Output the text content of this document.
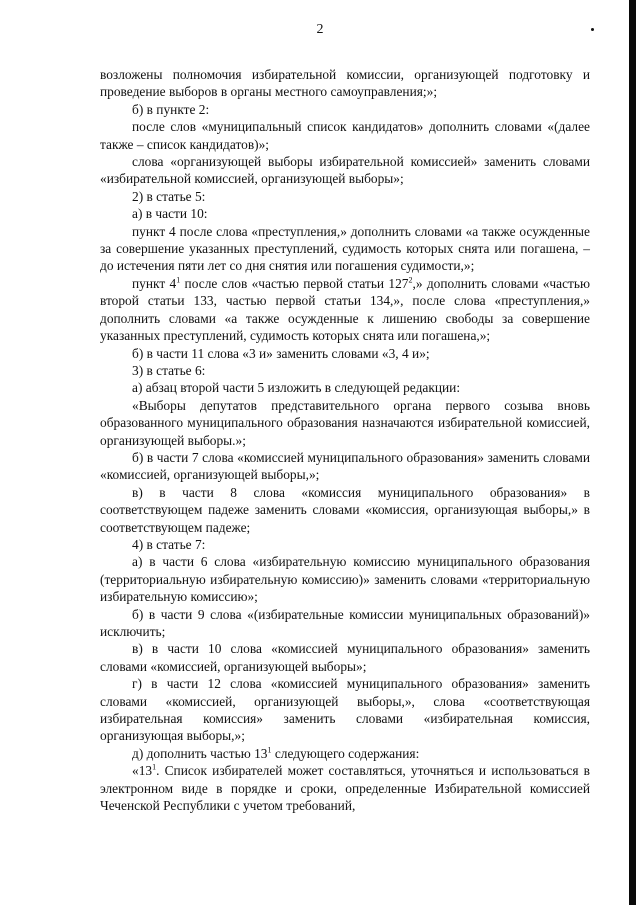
2

возложены полномочия избирательной комиссии, организующей подготовку и проведение выборов в органы местного самоуправления;»;

б) в пункте 2:

после слов «муниципальный список кандидатов» дополнить словами «(далее также – список кандидатов)»;

слова «организующей выборы избирательной комиссией» заменить словами «избирательной комиссией, организующей выборы»;

2) в статье 5:

а) в части 10:

пункт 4 после слова «преступления,» дополнить словами «а также осужденные за совершение указанных преступлений, судимость которых снята или погашена, – до истечения пяти лет со дня снятия или погашения судимости,»;

пункт $4^1$ после слов «частью первой статьи $127^2$,» дополнить словами «частью второй статьи 133, частью первой статьи 134,», после слова «преступления,» дополнить словами «а также осужденные к лишению свободы за совершение указанных преступлений, судимость которых снята или погашена,»;

б) в части 11 слова «3 и» заменить словами «3, 4 и»;

3) в статье 6:

а) абзац второй части 5 изложить в следующей редакции:

«Выборы депутатов представительного органа первого созыва вновь образованного муниципального образования назначаются избирательной комиссией, организующей выборы.»;

б) в части 7 слова «комиссией муниципального образования» заменить словами «комиссией, организующей выборы,»;

в) в части 8 слова «комиссия муниципального образования» в соответствующем падеже заменить словами «комиссия, организующая выборы,» в соответствующем падеже;

4) в статье 7:

а) в части 6 слова «избирательную комиссию муниципального образования (территориальную избирательную комиссию)» заменить словами «территориальную избирательную комиссию»;

б) в части 9 слова «(избирательные комиссии муниципальных образований)» исключить;

в) в части 10 слова «комиссией муниципального образования» заменить словами «комиссией, организующей выборы»;

г) в части 12 слова «комиссией муниципального образования» заменить словами «комиссией, организующей выборы,», слова «соответствующая избирательная комиссия» заменить словами «избирательная комиссия, организующая выборы,»;

д) дополнить частью $13^1$ следующего содержания:

«$13^1$. Список избирателей может составляться, уточняться и использоваться в электронном виде в порядке и сроки, определенные Избирательной комиссией Чеченской Республики с учетом требований,
